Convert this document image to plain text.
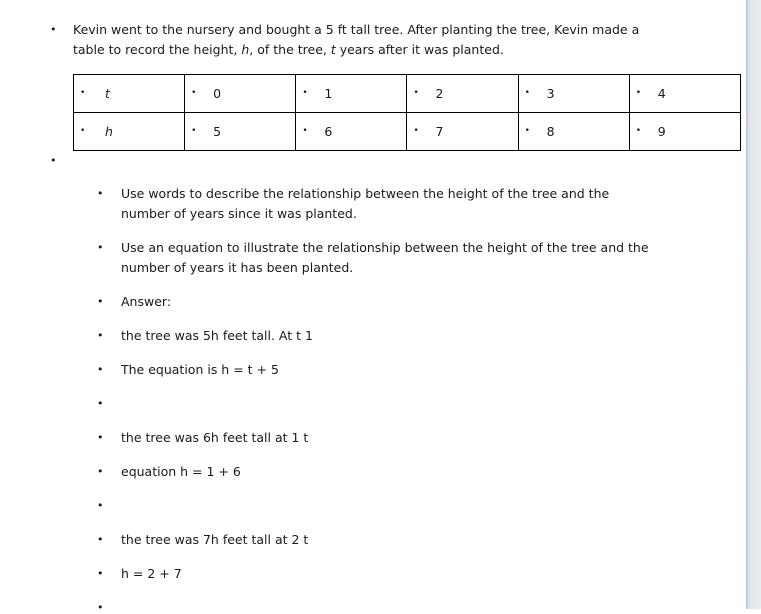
• Kevin went to the nursery and bought a 5 ft tall tree. After planting the tree, Kevin made a
table to record the height, h, of the tree, t years after it was planted.
• t	• 0	• 1	• 2	• 3	• 4

• h	• 5	• 6	• 7	• 8	• 9
•
• Use words to describe the relationship between the height of the tree and the
number of years since it was planted.
• Use an equation to illustrate the relationship between the height of the tree and the
number of years it has been planted.
• Answer:
• the tree was 5h feet tall. At t 1
• The equation is h = t + 5
•
• the tree was 6h feet tall at 1 t
• equation h = 1 + 6
•
• the tree was 7h feet tall at 2 t
• h = 2 + 7
•
